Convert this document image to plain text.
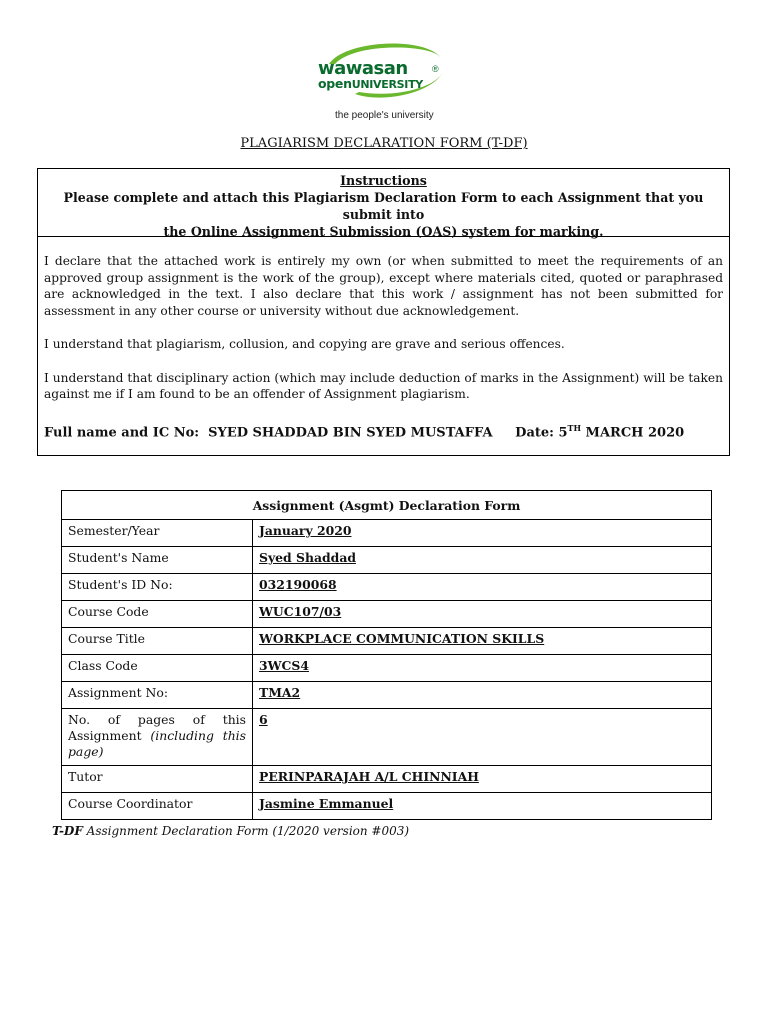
wawasan	®
openUNIVERSITY
the people's university
PLAGIARISM DECLARATION FORM (T-DF)
Instructions
Please complete and attach this Plagiarism Declaration Form to each Assignment that you submit into
the Online Assignment Submission (OAS) system for marking.

I declare that the attached work is entirely my own (or when submitted to meet the requirements of an approved group assignment is the work of the group), except where materials cited, quoted or paraphrased are acknowledged in the text. I also declare that this work / assignment has not been submitted for assessment in any other course or university without due acknowledgement.

I understand that plagiarism, collusion, and copying are grave and serious offences.

I understand that disciplinary action (which may include deduction of marks in the Assignment) will be taken against me if I am found to be an offender of Assignment plagiarism.

Full name and IC No: SYED SHADDAD BIN SYED MUSTAFFA Date: 5TH MARCH 2020

Assignment (Asgmt) Declaration Form	
Semester/Year	January 2020
Student's Name	Syed Shaddad
Student's ID No:	032190068
Course Code	WUC107/03
Course Title	WORKPLACE COMMUNICATION SKILLS
Class Code	3WCS4
Assignment No:	TMA2
No. of pages of this Assignment (including this page)	6
Tutor	PERINPARAJAH A/L CHINNIAH
Course Coordinator	Jasmine Emmanuel
T-DF Assignment Declaration Form (1/2020 version #003)
